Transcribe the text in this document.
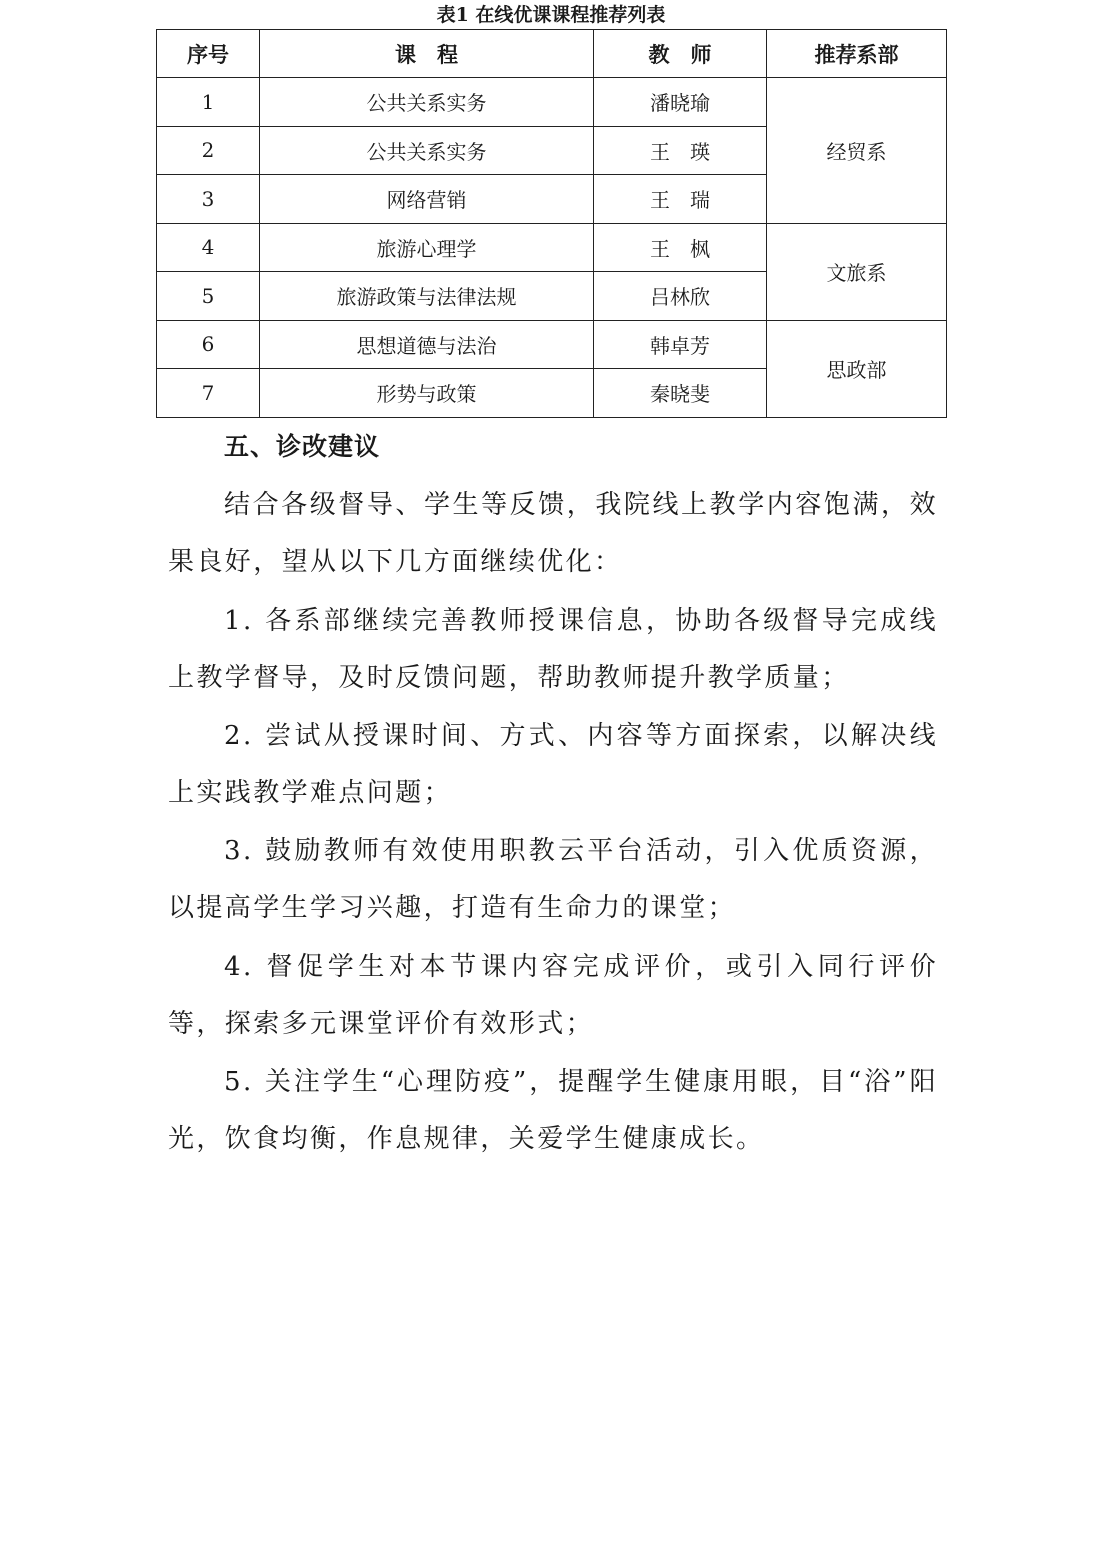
表1 在线优课课程推荐列表
序号	课　程	教　师	推荐系部
1	公共关系实务	潘晓瑜	经贸系
2	公共关系实务	王　瑛	
3	网络营销	王　瑞	
4	旅游心理学	王　枫	文旅系
5	旅游政策与法律法规	吕林欣	
6	思想道德与法治	韩卓芳	思政部
7	形势与政策	秦晓斐	
五、诊改建议

结合各级督导、学生等反馈，我院线上教学内容饱满，效果良好，望从以下几方面继续优化：

1. 各系部继续完善教师授课信息，协助各级督导完成线上教学督导，及时反馈问题，帮助教师提升教学质量；

2. 尝试从授课时间、方式、内容等方面探索，以解决线上实践教学难点问题；

3. 鼓励教师有效使用职教云平台活动，引入优质资源，以提高学生学习兴趣，打造有生命力的课堂；

4. 督促学生对本节课内容完成评价，或引入同行评价等，探索多元课堂评价有效形式；

5. 关注学生“心理防疫”，提醒学生健康用眼，目“浴”阳光，饮食均衡，作息规律，关爱学生健康成长。
